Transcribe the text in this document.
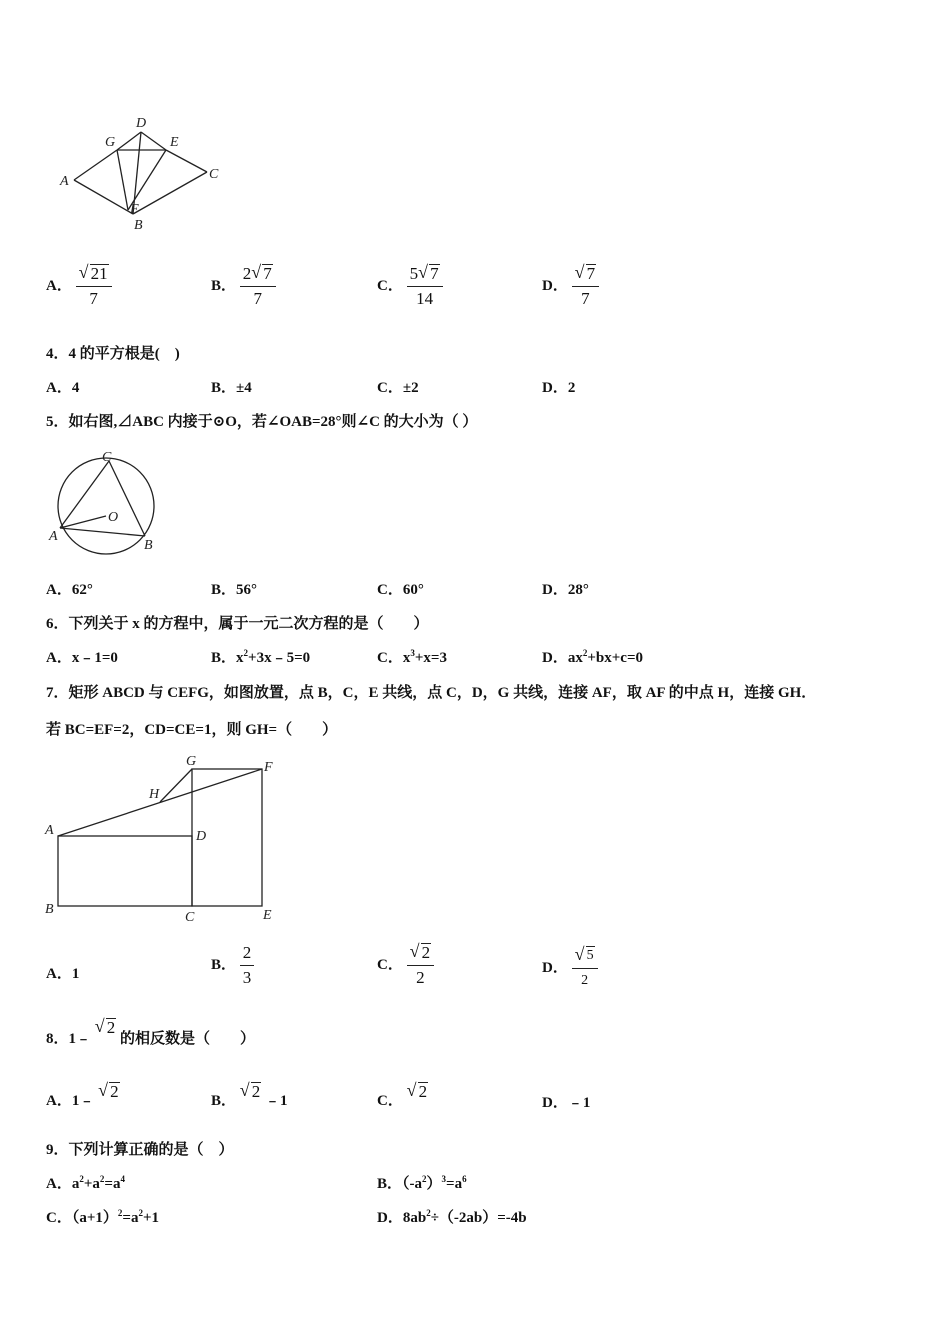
A
F
B
C
D
E
G
A． $\frac{√ 21}{7}$	B． $\frac{2 √ 7}{7}$	C． $\frac{5 √ 7}{14}$	D． $\frac{√ 7}{7}$
4．4 的平方根是(　)
A．4	B．±4	C．±2	D．2
5．如右图,⊿ABC 内接于⊙O，若∠OAB=28°则∠C 的大小为（ ）
C
O
A
B
A．62°	B．56°	C．60°	D．28°
6．下列关于 x 的方程中，属于一元二次方程的是（　　）
A．x﹣1=0	B．$x^2+3x﹣5=0$	C．$x^3+x=3$	D．$ax^2+bx+c=0$
7．矩形 ABCD 与 CEFG，如图放置，点 B，C，E 共线，点 C，D，G 共线，连接 AF，取 AF 的中点 H，连接 GH．
若 BC=EF=2，CD=CE=1，则 GH=（　　）
A
B
C
D
E
F
G
H
A．1
B． $\frac{2}{3}$	C． $\frac{√ 2}{2}$	D． $\frac{√ 5}{2}$
8．1﹣
√ 2 的相反数是（　　）
A．1﹣
√ 2	B．
√ 2 ﹣1	C．
√ 2
D．﹣1
9．下列计算正确的是（　）
A．$a^2+a^2=a^4$	B．$(-a^2)^3=a^6$
C．$(a+1)^2=a^2+1$	D．$8ab^2\div(-2ab)=-4b$
